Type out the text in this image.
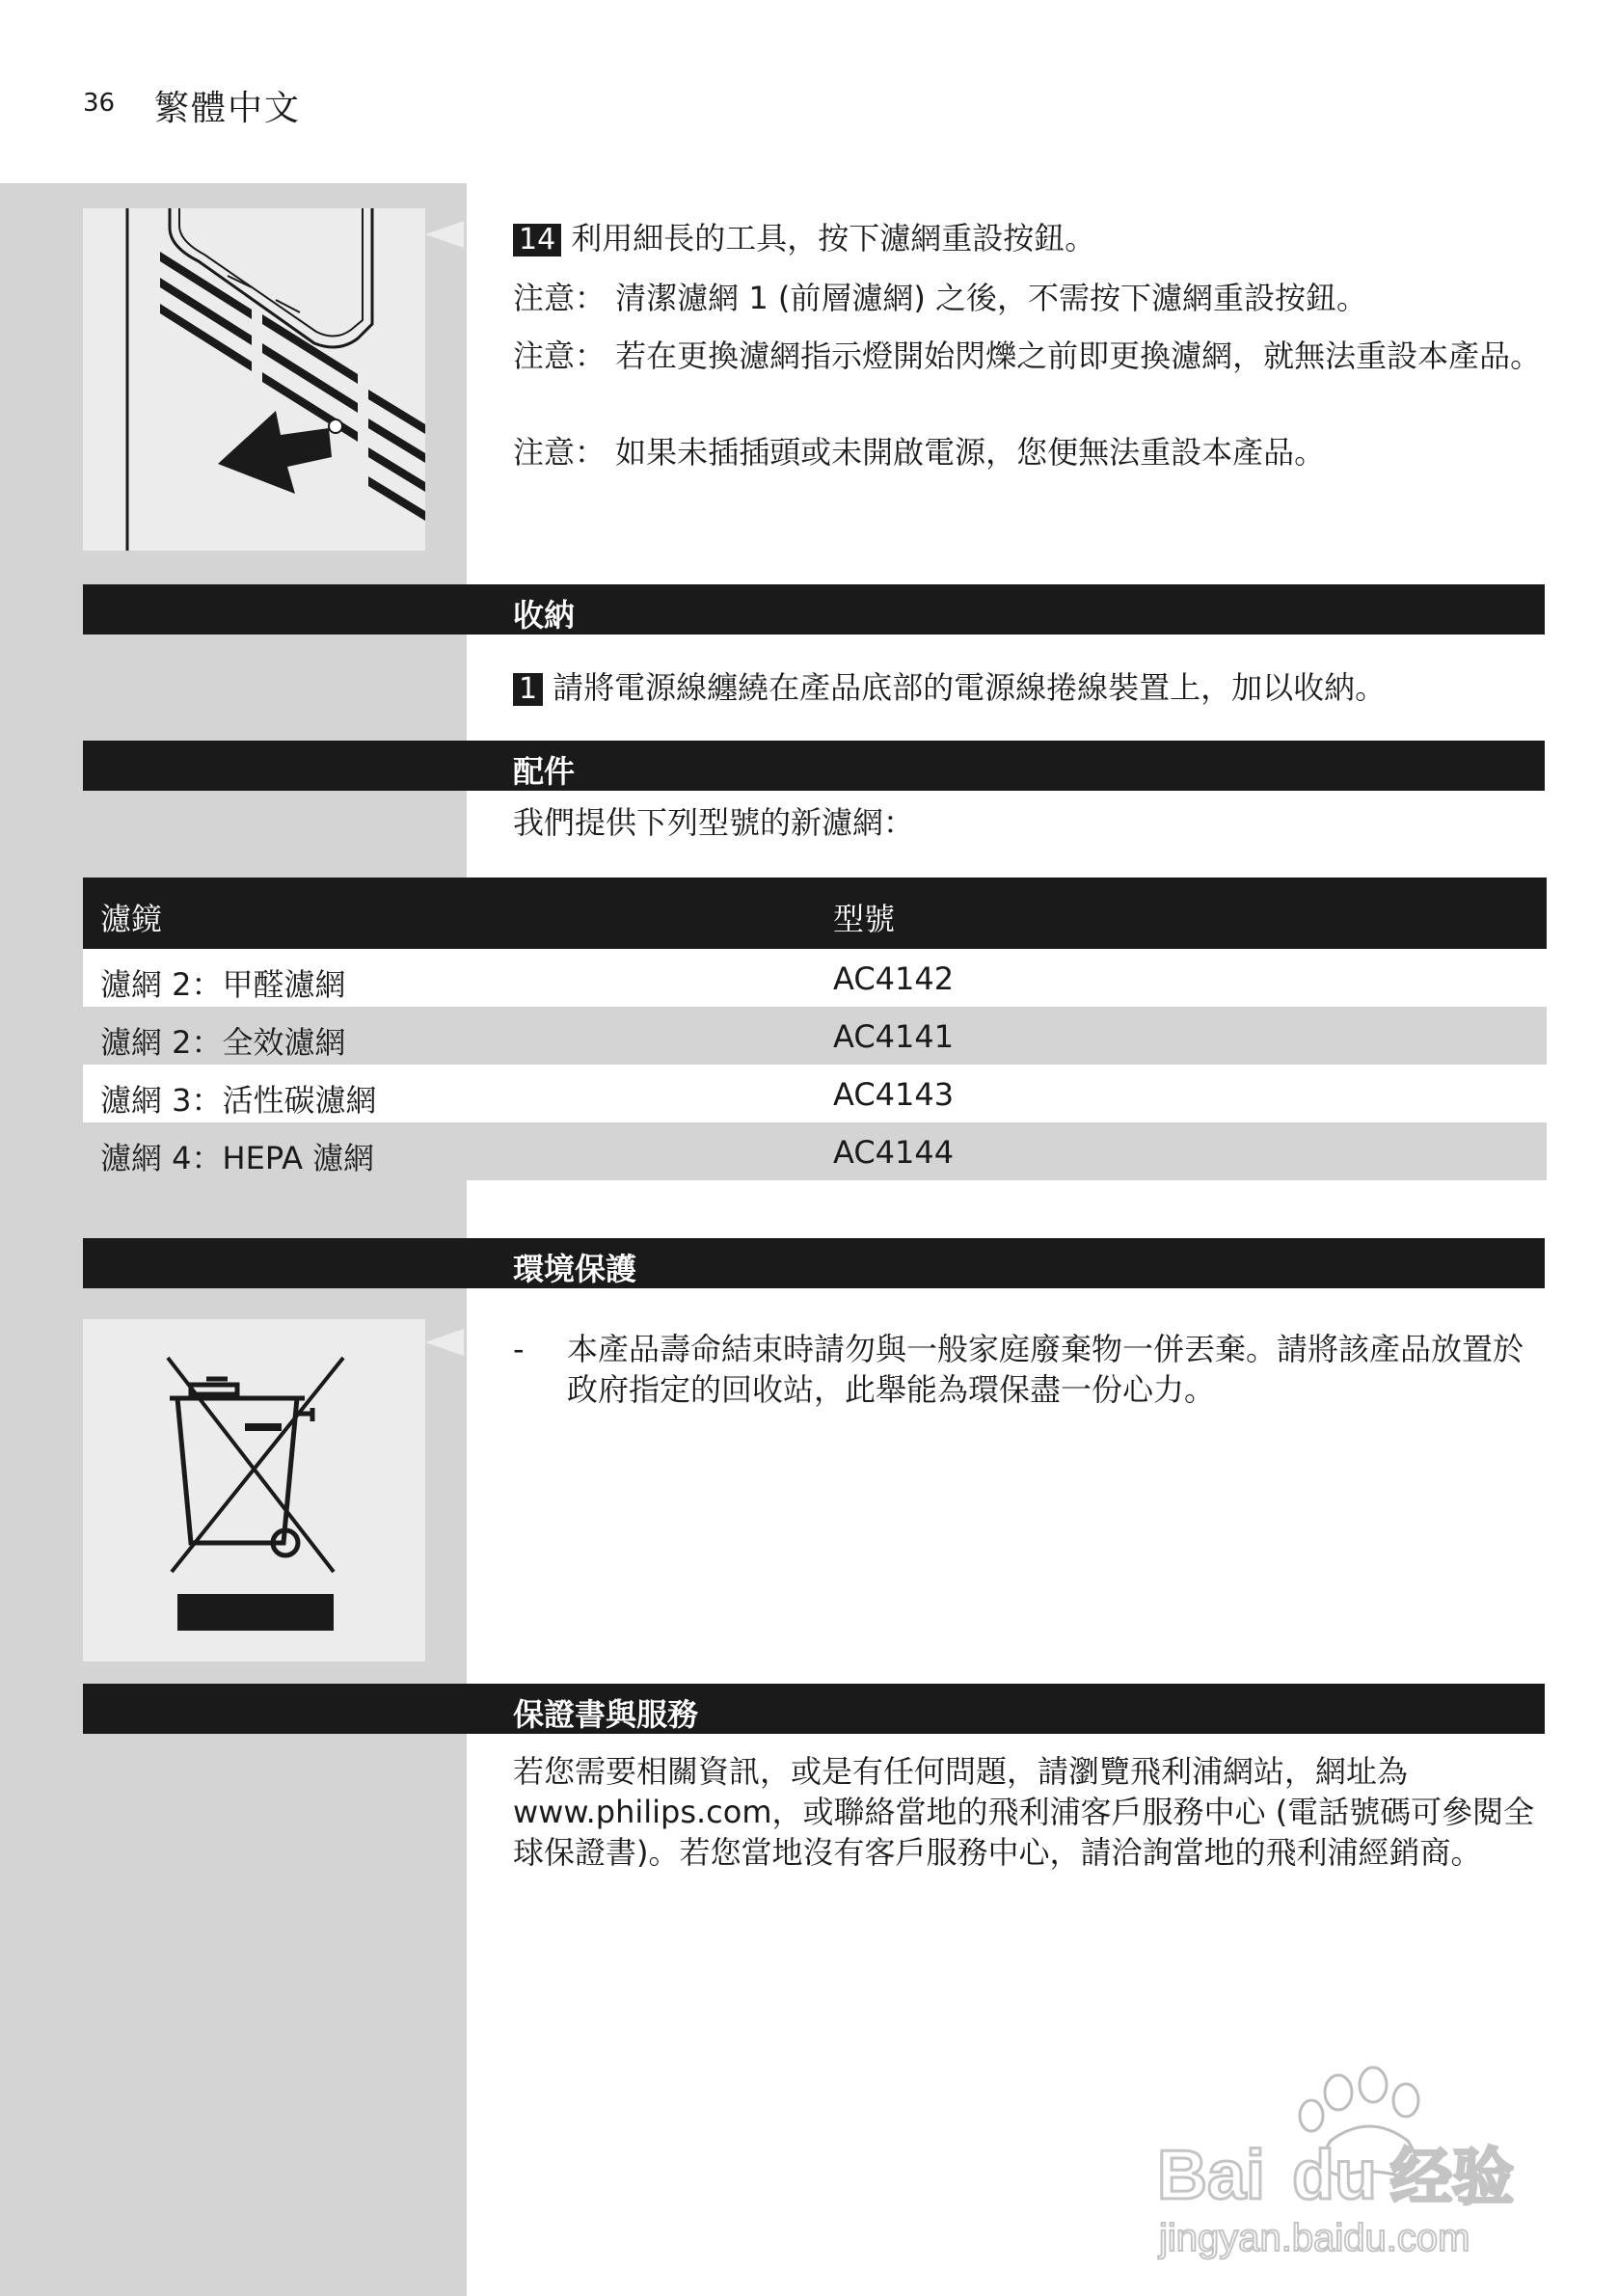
36 繁體中文
14 利用細長的工具，按下濾網重設按鈕。
注意： 清潔濾網 1 (前層濾網) 之後，不需按下濾網重設按鈕。
注意： 若在更換濾網指示燈開始閃爍之前即更換濾網，就無法重設本產品。
注意： 如果未插插頭或未開啟電源，您便無法重設本產品。
收納
1 請將電源線纏繞在產品底部的電源線捲線裝置上，加以收納。
配件
我們提供下列型號的新濾網：
濾鏡	型號
濾網 2：甲醛濾網	AC4142
濾網 2：全效濾網	AC4141
濾網 3：活性碳濾網	AC4143
濾網 4：HEPA 濾網	AC4144
環境保護
-	本產品壽命結束時請勿與一般家庭廢棄物一併丟棄。請將該產品放置於政府指定的回收站，此舉能為環保盡一份心力。
保證書與服務
若您需要相關資訊，或是有任何問題，請瀏覽飛利浦網站，網址為 www.philips.com，或聯絡當地的飛利浦客戶服務中心 (電話號碼可參閱全球保證書)。若您當地沒有客戶服務中心，請洽詢當地的飛利浦經銷商。
Bai du 经验
jingyan.baidu.com
